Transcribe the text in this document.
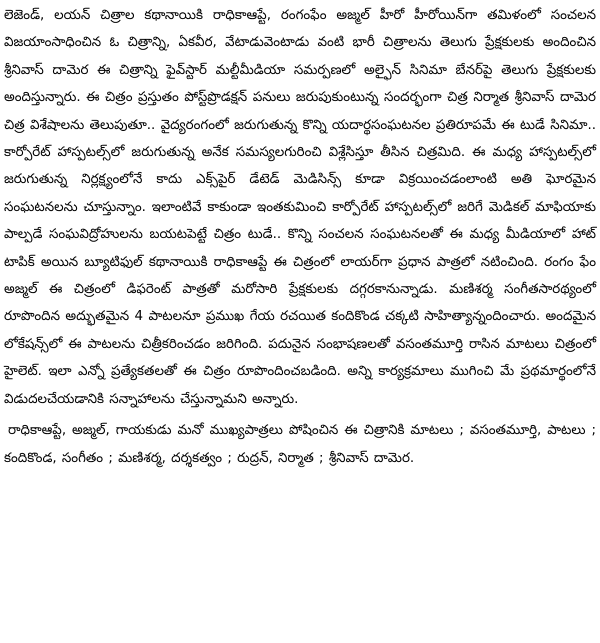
లెజెండ్, లయన్ చిత్రాల కథానాయికి రాధికాఆప్టే, రంగంఫేం అజ్మల్ హీరో హీరోయిన్‌గా తమిళంలో సంచలన విజయాంసాధించిన ఓ చిత్రాన్ని, ఏకవీర, వేటాడువెంటాడు వంటి భారీ చిత్రాలను తెలుగు ప్రేక్షకులకు అందించిన శ్రీనివాస్ దామెర ఈ చిత్రాన్ని ఫైవ్‌స్టార్ మల్టీమీడియా సమర్పణలో అల్ఫైన్ సినిమా బేనర్‌పై తెలుగు ప్రేక్షకులకు అందిస్తున్నారు. ఈ చిత్రం ప్రస్తుతం పోస్ట్‌ప్రొడక్షన్ పనులు జరుపుకుంటున్న సందర్భంగా చిత్ర నిర్మాత శ్రీనివాస్ దామెర చిత్ర విశేషాలను తెలుపుతూ.. వైద్యరంగంలో జరుగుతున్న కొన్ని యదార్థసంఘటనల ప్రతిరూపమే ఈ టుడే సినిమా.. కార్పోరేట్ హాస్పటల్స్‌లో జరుగుతున్న అనేక సమస్యలగురించి విశ్లేసిస్తూ తీసిన చిత్రమిది. ఈ మధ్య హాస్పటల్స్‌లో జరుగుతున్న నిర్లక్ష్యంలోనే కాదు ఎక్స్‌పైర్ డేటెడ్ మెడిసిన్స్ కూడా విక్రయించడంలాంటి అతి ఘోరమైన సంఘటనలను చూస్తున్నాం. ఇలాంటివే కాకుండా ఇంతకుమించి కార్పోరేట్ హాస్పటల్స్‌లో జరిగే మెడికల్ మాఫియాకు పాల్పడే సంఘవిద్రోహులను బయటపెట్టే చిత్రం టుడే.. కొన్ని సంచలన సంఘటనలతో ఈ మధ్య మీడియాలో హాట్ టాపిక్ అయిన బ్యూటిఫుల్ కథానాయికి రాధికాఆప్టే ఈ చిత్రంలో లాయర్‌గా ప్రధాన పాత్రలో నటించింది. రంగం ఫేం అజ్మల్ ఈ చిత్రంలో డిఫరెంట్ పాత్రతో మరోసారి ప్రేక్షకులకు దగ్గరకానున్నాడు. మణిశర్మ సంగీతసారథ్యంలో రూపొందిన అద్భుతమైన 4 పాటలనూ ప్రముఖ గేయ రచయిత కందికొండ చక్కటి సాహిత్యాన్నందించారు. అందమైన లోకేషన్స్‌లో ఈ పాటలను చిత్రీకరించడం జరిగింది. పదునైన సంభాషణలతో వసంతమూర్తి రాసిన మాటలు చిత్రంలో హైలెట్. ఇలా ఎన్నో ప్రత్యేకతలతో ఈ చిత్రం రూపొందించబడింది. అన్ని కార్యక్రమాలు ముగించి మే ప్రథమార్థంలోనే విడుదలచేయడానికి సన్నాహాలను చేస్తున్నామని అన్నారు.

రాధికాఆప్టే, అజ్మల్, గాయకుడు మనో ముఖ్యపాత్రలు పోషించిన ఈ చిత్రానికి మాటలు ; వసంతమూర్తి, పాటలు ; కందికొండ, సంగీతం ; మణిశర్మ, దర్శకత్వం ; రుద్రన్, నిర్మాత ; శ్రీనివాస్ దామెర.
